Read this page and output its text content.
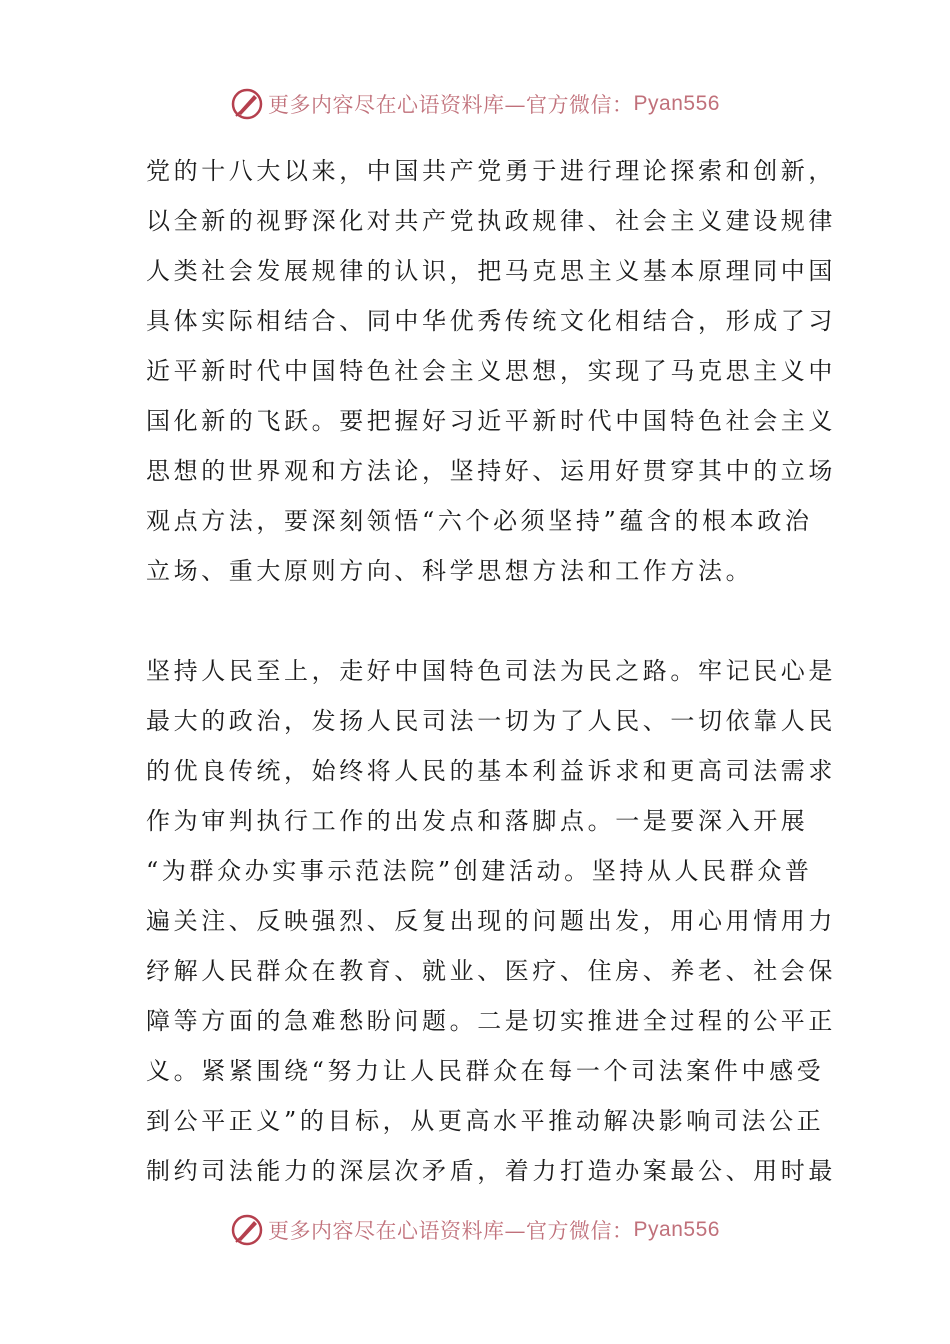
更多内容尽在心语资料库—官方微信： Pyan556

党的十八大以来，中国共产党勇于进行理论探索和创新，
以全新的视野深化对共产党执政规律、社会主义建设规律
人类社会发展规律的认识，把马克思主义基本原理同中国
具体实际相结合、同中华优秀传统文化相结合，形成了习
近平新时代中国特色社会主义思想，实现了马克思主义中
国化新的飞跃。要把握好习近平新时代中国特色社会主义
思想的世界观和方法论，坚持好、运用好贯穿其中的立场
观点方法，要深刻领悟“六个必须坚持”蕴含的根本政治
立场、重大原则方向、科学思想方法和工作方法。

坚持人民至上，走好中国特色司法为民之路。牢记民心是
最大的政治，发扬人民司法一切为了人民、一切依靠人民
的优良传统，始终将人民的基本利益诉求和更高司法需求
作为审判执行工作的出发点和落脚点。一是要深入开展
“为群众办实事示范法院”创建活动。坚持从人民群众普
遍关注、反映强烈、反复出现的问题出发，用心用情用力
纾解人民群众在教育、就业、医疗、住房、养老、社会保
障等方面的急难愁盼问题。二是切实推进全过程的公平正
义。紧紧围绕“努力让人民群众在每一个司法案件中感受
到公平正义”的目标，从更高水平推动解决影响司法公正
制约司法能力的深层次矛盾，着力打造办案最公、用时最

更多内容尽在心语资料库—官方微信： Pyan556
